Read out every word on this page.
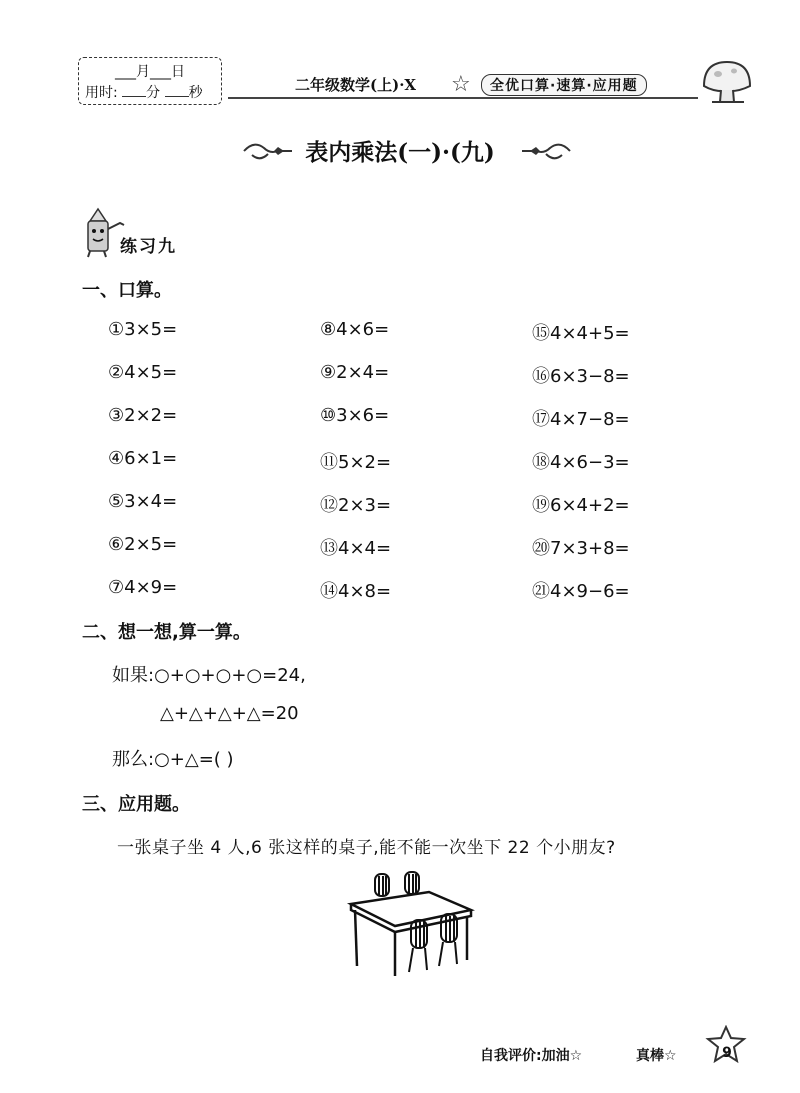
___月___日
用时: 分 秒	二年级数学(上)·X ☆	全优口算·速算·应用题
表内乘法(一)·(九)
练习九
一、口算。
①3×5=
②4×5=
③2×2=
④6×1=
⑤3×4=
⑥2×5=
⑦4×9=
⑧4×6=
⑨2×4=
⑩3×6=
⑪5×2=
⑫2×3=
⑬4×4=
⑭4×8=
⑮4×4+5=
⑯6×3−8=
⑰4×7−8=
⑱4×6−3=
⑲6×4+2=
⑳7×3+8=
㉑4×9−6=
二、想一想,算一算。
如果:○+○+○+○=24,
△+△+△+△=20
那么:○+△=( )
三、应用题。
一张桌子坐 4 人,6 张这样的桌子,能不能一次坐下 22 个小朋友?
自我评价:加油☆	真棒☆	9
